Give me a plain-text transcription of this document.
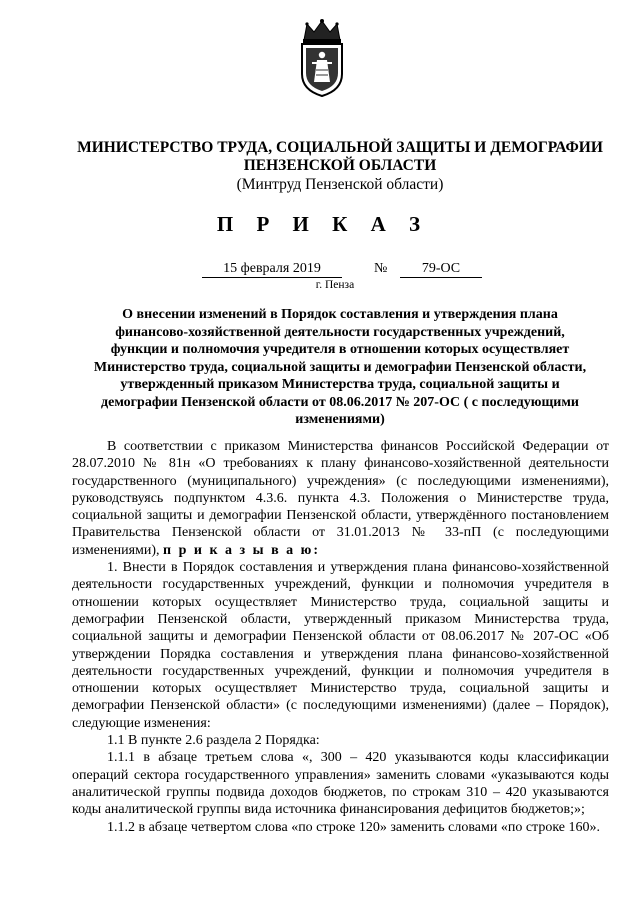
МИНИСТЕРСТВО ТРУДА, СОЦИАЛЬНОЙ ЗАЩИТЫ И ДЕМОГРАФИИ
ПЕНЗЕНСКОЙ ОБЛАСТИ
(Минтруд Пензенской области)
П Р И К А З
15 февраля 2019	№	79-ОС
г. Пенза
О внесении изменений в Порядок составления и утверждения плана
финансово-хозяйственной деятельности государственных учреждений,
функции и полномочия учредителя в отношении которых осуществляет
Министерство труда, социальной защиты и демографии Пензенской области,
утвержденный приказом Министерства труда, социальной защиты и
демографии Пензенской области от 08.06.2017 № 207-ОС ( с последующими
изменениями)

В соответствии с приказом Министерства финансов Российской Федерации от 28.07.2010 № 81н «О требованиях к плану финансово-хозяйственной деятельности государственного (муниципального) учреждения» (с последующими изменениями), руководствуясь подпунктом 4.3.6. пункта 4.3. Положения о Министерстве труда, социальной защиты и демографии Пензенской области, утверждённого постановлением Правительства Пензенской области от 31.01.2013 № 33-пП (с последующими изменениями), п р и к а з ы в а ю:

1. Внести в Порядок составления и утверждения плана финансово-хозяйственной деятельности государственных учреждений, функции и полномочия учредителя в отношении которых осуществляет Министерство труда, социальной защиты и демографии Пензенской области, утвержденный приказом Министерства труда, социальной защиты и демографии Пензенской области от 08.06.2017 № 207-ОС «Об утверждении Порядка составления и утверждения плана финансово-хозяйственной деятельности государственных учреждений, функции и полномочия учредителя в отношении которых осуществляет Министерство труда, социальной защиты и демографии Пензенской области» (с последующими изменениями) (далее – Порядок), следующие изменения:

1.1 В пункте 2.6 раздела 2 Порядка:

1.1.1 в абзаце третьем слова «, 300 – 420 указываются коды классификации операций сектора государственного управления» заменить словами «указываются коды аналитической группы подвида доходов бюджетов, по строкам 310 – 420 указываются коды аналитической группы вида источника финансирования дефицитов бюджетов;»;

1.1.2 в абзаце четвертом слова «по строке 120» заменить словами «по строке 160».
